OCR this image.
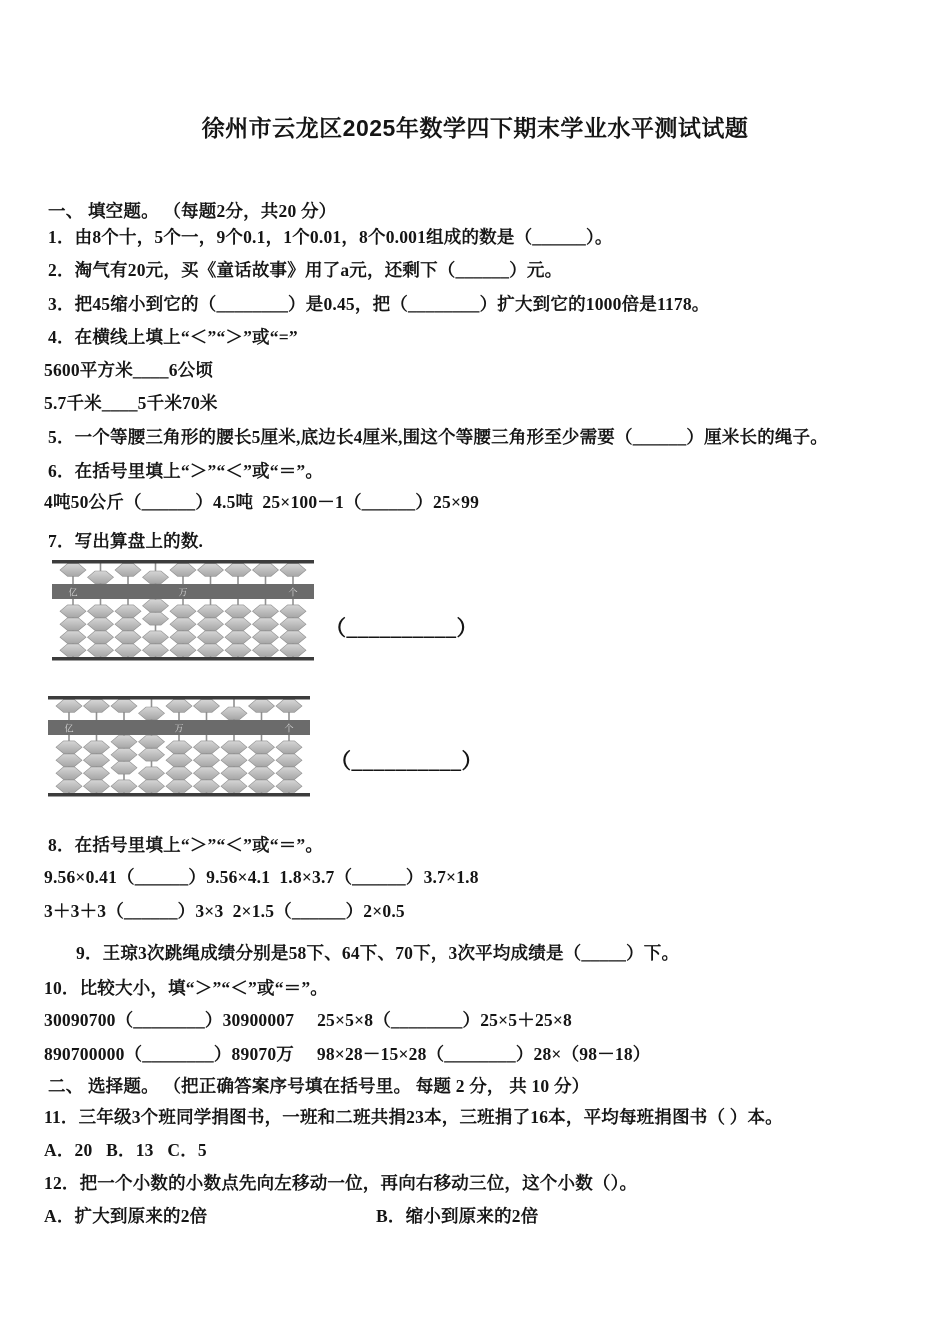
徐州市云龙区2025年数学四下期末学业水平测试试题
一、 填空题。 （每题2分，共20 分）
1．由8个十，5个一，9个0.1，1个0.01，8个0.001组成的数是（______）。
2．淘气有20元，买《童话故事》用了a元，还剩下（______）元。
3．把45缩小到它的（________）是0.45，把（________）扩大到它的1000倍是1178。
4．在横线上填上“＜”“＞”或“=”
5600平方米____6公顷
5.7千米____5千米70米
5．一个等腰三角形的腰长5厘米,底边长4厘米,围这个等腰三角形至少需要（______）厘米长的绳子。
6．在括号里填上“＞”“＜”或“＝”。
4吨50公斤（______）4.5吨  25×100－1（______）25×99
7．写出算盘上的数.
亿	万	个
（__________）
亿	万	个
（__________）
8．在括号里填上“＞”“＜”或“＝”。
9.56×0.41（______）9.56×4.1  1.8×3.7（______）3.7×1.8
3＋3＋3（______）3×3  2×1.5（______）2×0.5
9．王琼3次跳绳成绩分别是58下、64下、70下，3次平均成绩是（_____）下。
10．比较大小，填“＞”“＜”或“＝”。
30090700（________）30900007     25×5×8（________）25×5＋25×8
890700000（________）89070万     98×28－15×28（________）28×（98－18）
二、 选择题。 （把正确答案序号填在括号里。 每题 2 分， 共 10 分）
11．三年级3个班同学捐图书，一班和二班共捐23本，三班捐了16本，平均每班捐图书（ ）本。
A．20   B．13   C．5
12．把一个小数的小数点先向左移动一位，再向右移动三位，这个小数（）。
A．扩大到原来的2倍	B．缩小到原来的2倍
